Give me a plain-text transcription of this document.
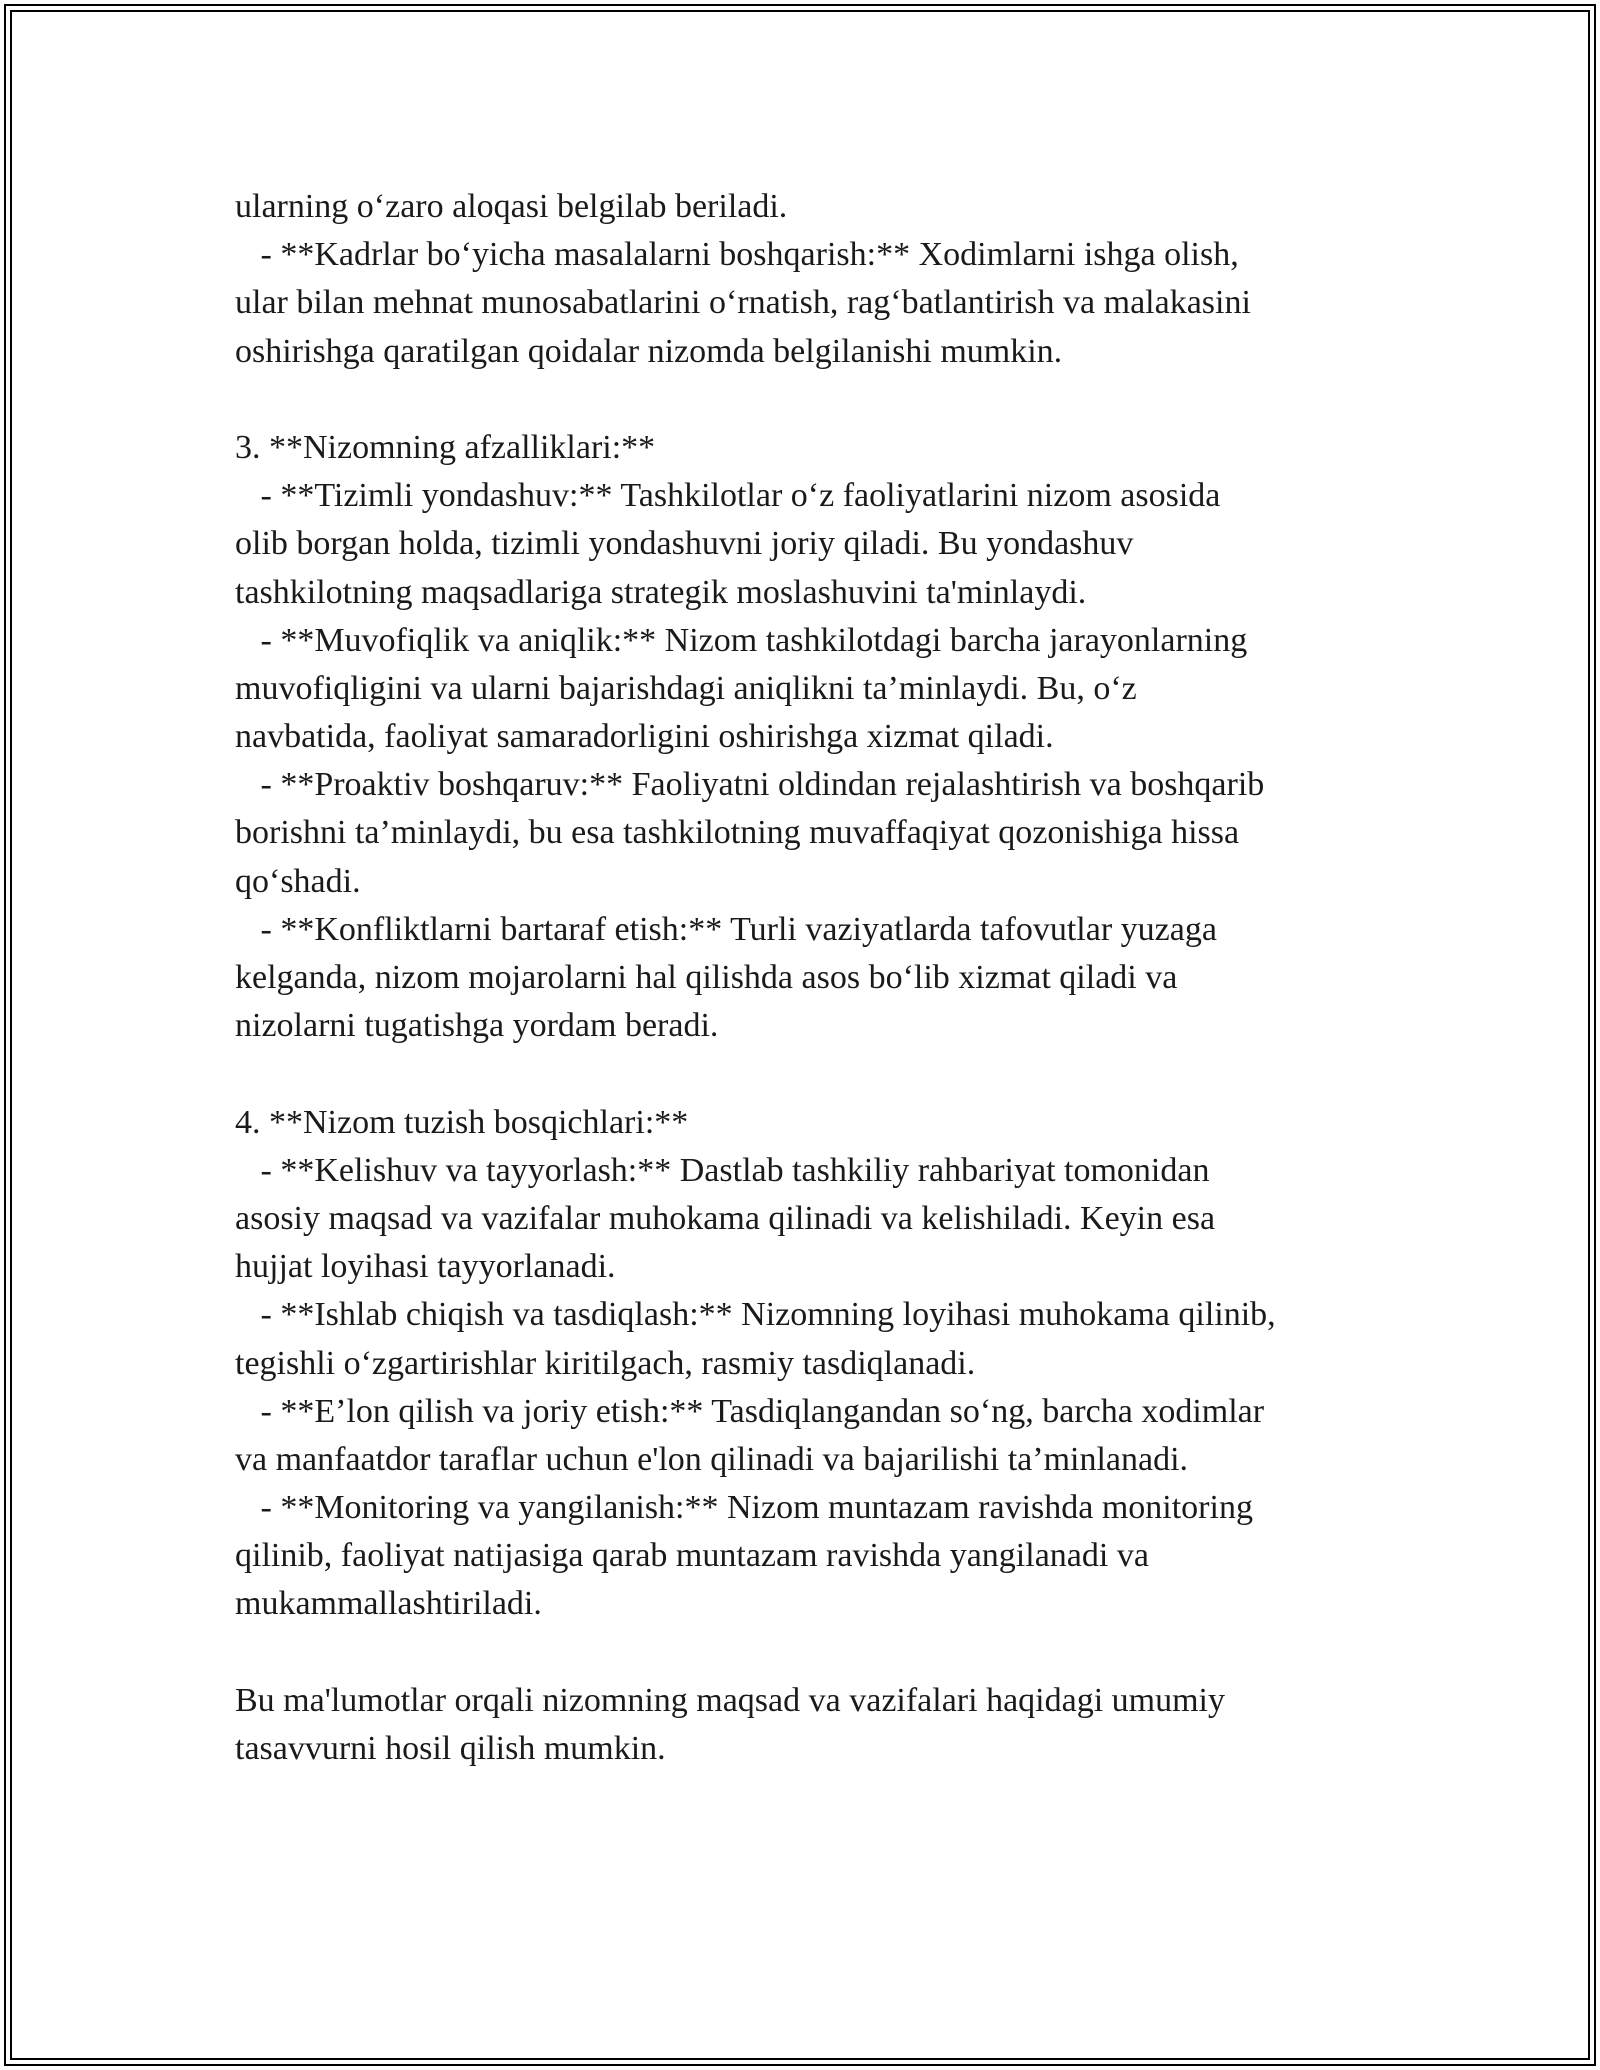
ularning o‘zaro aloqasi belgilab beriladi.
- **Kadrlar bo‘yicha masalalarni boshqarish:** Xodimlarni ishga olish,
ular bilan mehnat munosabatlarini o‘rnatish, rag‘batlantirish va malakasini
oshirishga qaratilgan qoidalar nizomda belgilanishi mumkin.
3. **Nizomning afzalliklari:**
- **Tizimli yondashuv:** Tashkilotlar o‘z faoliyatlarini nizom asosida
olib borgan holda, tizimli yondashuvni joriy qiladi. Bu yondashuv
tashkilotning maqsadlariga strategik moslashuvini ta'minlaydi.
- **Muvofiqlik va aniqlik:** Nizom tashkilotdagi barcha jarayonlarning
muvofiqligini va ularni bajarishdagi aniqlikni ta’minlaydi. Bu, o‘z
navbatida, faoliyat samaradorligini oshirishga xizmat qiladi.
- **Proaktiv boshqaruv:** Faoliyatni oldindan rejalashtirish va boshqarib
borishni ta’minlaydi, bu esa tashkilotning muvaffaqiyat qozonishiga hissa
qo‘shadi.
- **Konfliktlarni bartaraf etish:** Turli vaziyatlarda tafovutlar yuzaga
kelganda, nizom mojarolarni hal qilishda asos bo‘lib xizmat qiladi va
nizolarni tugatishga yordam beradi.
4. **Nizom tuzish bosqichlari:**
- **Kelishuv va tayyorlash:** Dastlab tashkiliy rahbariyat tomonidan
asosiy maqsad va vazifalar muhokama qilinadi va kelishiladi. Keyin esa
hujjat loyihasi tayyorlanadi.
- **Ishlab chiqish va tasdiqlash:** Nizomning loyihasi muhokama qilinib,
tegishli o‘zgartirishlar kiritilgach, rasmiy tasdiqlanadi.
- **E’lon qilish va joriy etish:** Tasdiqlangandan so‘ng, barcha xodimlar
va manfaatdor taraflar uchun e'lon qilinadi va bajarilishi ta’minlanadi.
- **Monitoring va yangilanish:** Nizom muntazam ravishda monitoring
qilinib, faoliyat natijasiga qarab muntazam ravishda yangilanadi va
mukammallashtiriladi.
Bu ma'lumotlar orqali nizomning maqsad va vazifalari haqidagi umumiy
tasavvurni hosil qilish mumkin.
